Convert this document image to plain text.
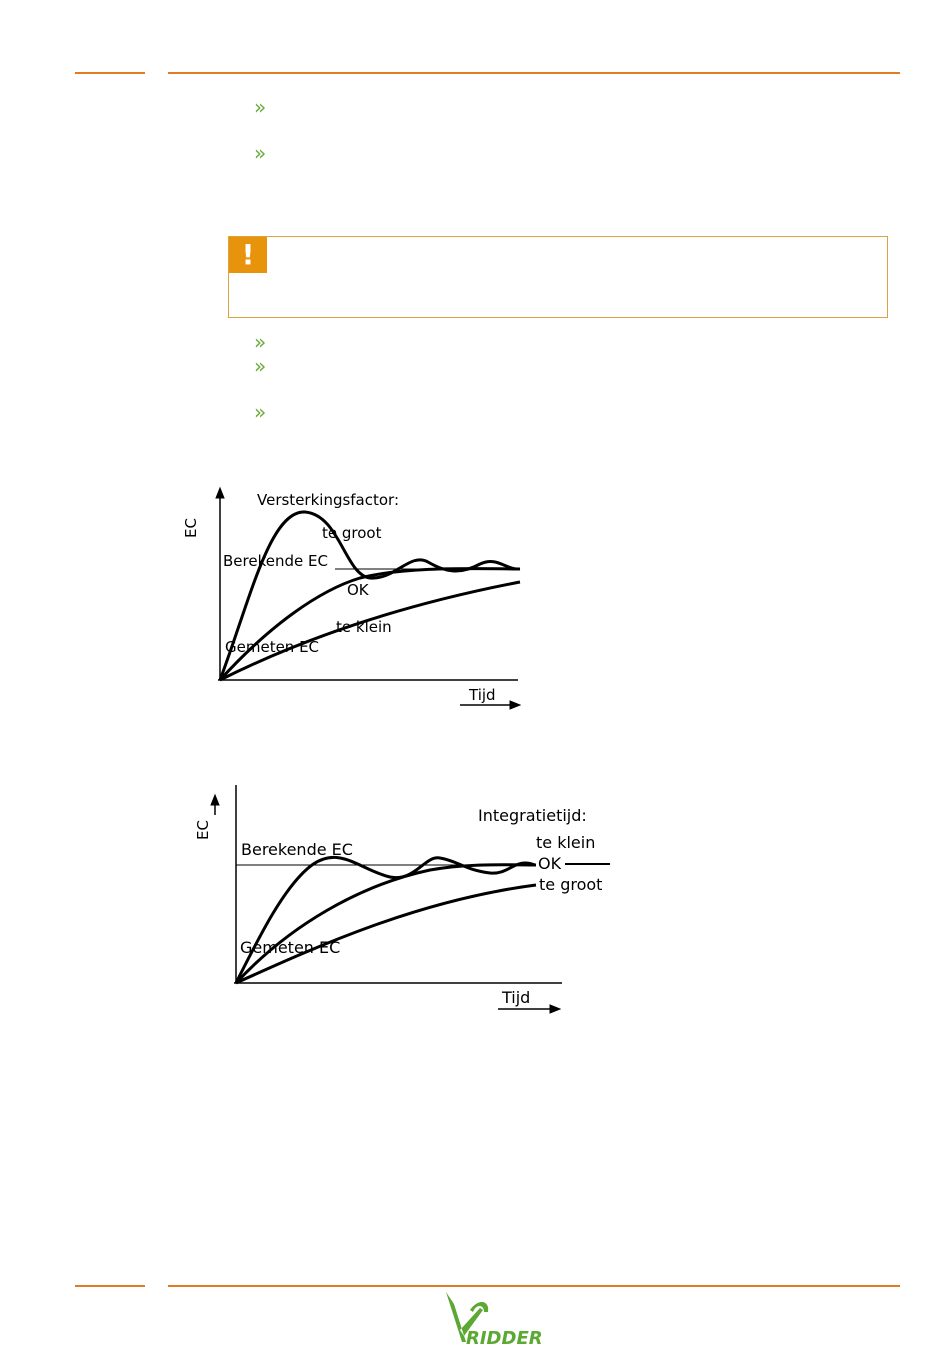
»
»
!
»
»
»
Versterkingsfactor:
EC	te groot
Berekende EC
OK
te klein
Gemeten EC
Tijd
Integratietijd:
EC
Berekende EC	te klein
OK
te groot
Gemeten EC
Tijd
RIDDER
